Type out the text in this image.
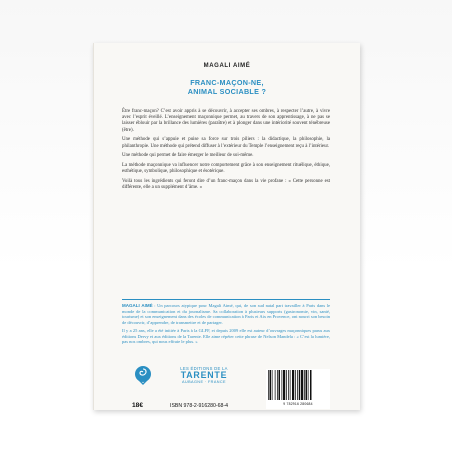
MAGALI AIMÉ
FRANC-MAÇON-NE,
ANIMAL SOCIABLE ?

Être franc-maçon? C’est avoir appris à se découvrir, à accepter ses ombres, à respecter l’autre, à vivre avec l’esprit éveillé. L’enseignement maçonnique permet, au travers de son apprentissage, à ne pas se laisser éblouir par la brillance des lumières (paraître) et à plonger dans une intériorité souvent ténébreuse (être).

Une méthode qui s’appuie et puise sa force sur trois piliers : la didactique, la philosophie, la philanthropie. Une méthode qui prétend diffuser à l’extérieur du Temple l’enseignement reçu à l’intérieur.

Une méthode qui permet de faire émerger le meilleur de soi-même.

La méthode maçonnique va influencer notre comportement grâce à son enseignement rituélique, éthique, esthétique, symbolique, philosophique et ésotérique.

Voilà tous les ingrédients qui feront dire d’un franc-maçon dans la vie profane : « Cette personne est différente, elle a un supplément d’âme. »

MAGALI AIMÉ : Un parcours atypique pour Magali Aimé, qui, de son sud natal part travailler à Paris dans le monde de la communication et du journalisme. Sa collaboration à plusieurs supports (gastronomie, vin, santé, tourisme) et son enseignement dans des écoles de communication à Paris et Aix en Provence, ont nourri son besoin de découvrir, d’apprendre, de transmettre et de partager.

Il y a 25 ans, elle a été initiée à Paris à la GLFF, et depuis 2009 elle est auteur d’ouvrages maçonniques parus aux éditions Dervy et aux éditions de la Tarente. Elle aime répéter cette phrase de Nelson Mandela : « C’est la lumière, pas nos ombres, qui nous effraie le plus. »

LES ÉDITIONS DE LA
TARENTE
AUBAGNE · FRANCE
18€	ISBN 978-2-916280-68-4	9 782916 280684
